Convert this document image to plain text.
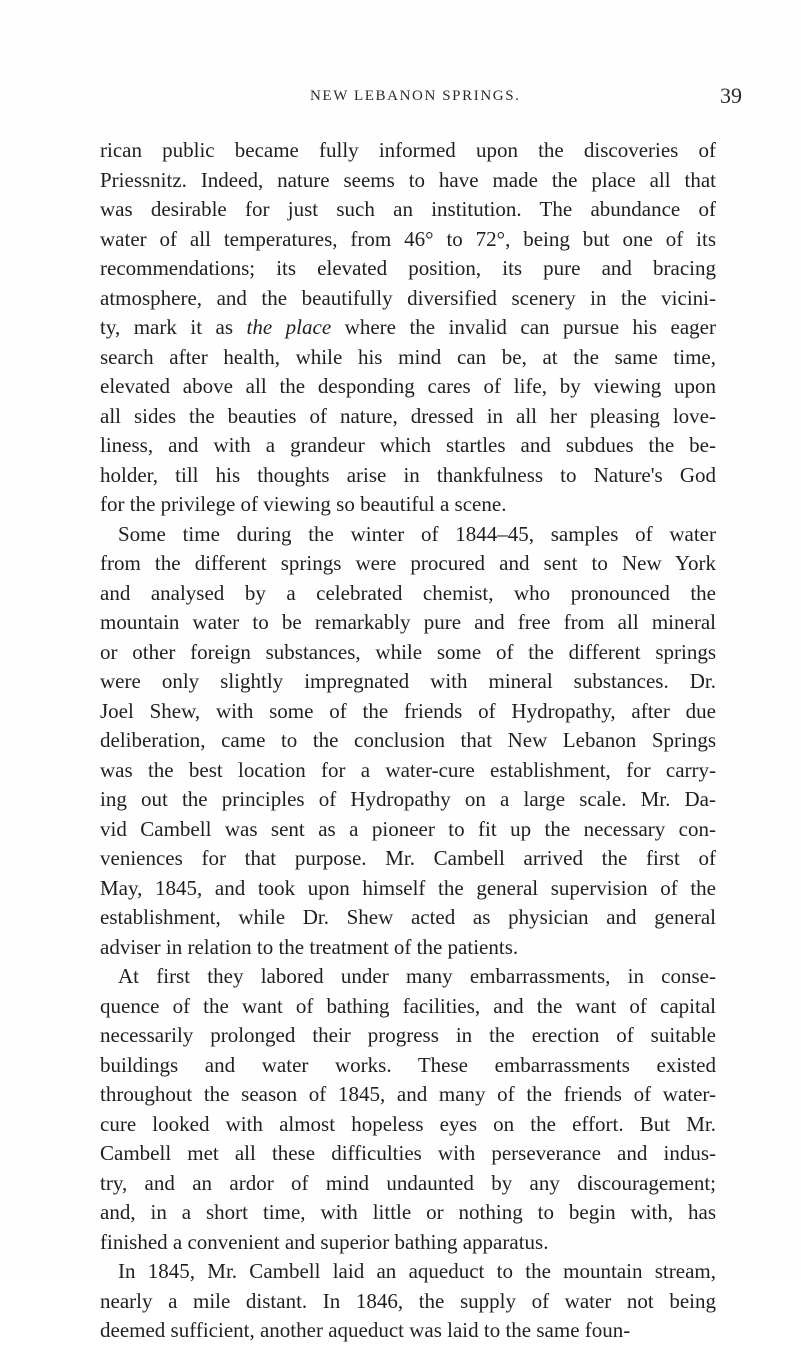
NEW LEBANON SPRINGS.	39
rican public became fully informed upon the discoveries of
Priessnitz. Indeed, nature seems to have made the place all that
was desirable for just such an institution. The abundance of
water of all temperatures, from 46° to 72°, being but one of its
recommendations; its elevated position, its pure and bracing
atmosphere, and the beautifully diversified scenery in the vicini-
ty, mark it as the place where the invalid can pursue his eager
search after health, while his mind can be, at the same time,
elevated above all the desponding cares of life, by viewing upon
all sides the beauties of nature, dressed in all her pleasing love-
liness, and with a grandeur which startles and subdues the be-
holder, till his thoughts arise in thankfulness to Nature's God
for the privilege of viewing so beautiful a scene.
Some time during the winter of 1844–45, samples of water
from the different springs were procured and sent to New York
and analysed by a celebrated chemist, who pronounced the
mountain water to be remarkably pure and free from all mineral
or other foreign substances, while some of the different springs
were only slightly impregnated with mineral substances. Dr.
Joel Shew, with some of the friends of Hydropathy, after due
deliberation, came to the conclusion that New Lebanon Springs
was the best location for a water-cure establishment, for carry-
ing out the principles of Hydropathy on a large scale. Mr. Da-
vid Cambell was sent as a pioneer to fit up the necessary con-
veniences for that purpose. Mr. Cambell arrived the first of
May, 1845, and took upon himself the general supervision of the
establishment, while Dr. Shew acted as physician and general
adviser in relation to the treatment of the patients.
At first they labored under many embarrassments, in conse-
quence of the want of bathing facilities, and the want of capital
necessarily prolonged their progress in the erection of suitable
buildings and water works. These embarrassments existed
throughout the season of 1845, and many of the friends of water-
cure looked with almost hopeless eyes on the effort. But Mr.
Cambell met all these difficulties with perseverance and indus-
try, and an ardor of mind undaunted by any discouragement;
and, in a short time, with little or nothing to begin with, has
finished a convenient and superior bathing apparatus.
In 1845, Mr. Cambell laid an aqueduct to the mountain stream,
nearly a mile distant. In 1846, the supply of water not being
deemed sufficient, another aqueduct was laid to the same foun-
